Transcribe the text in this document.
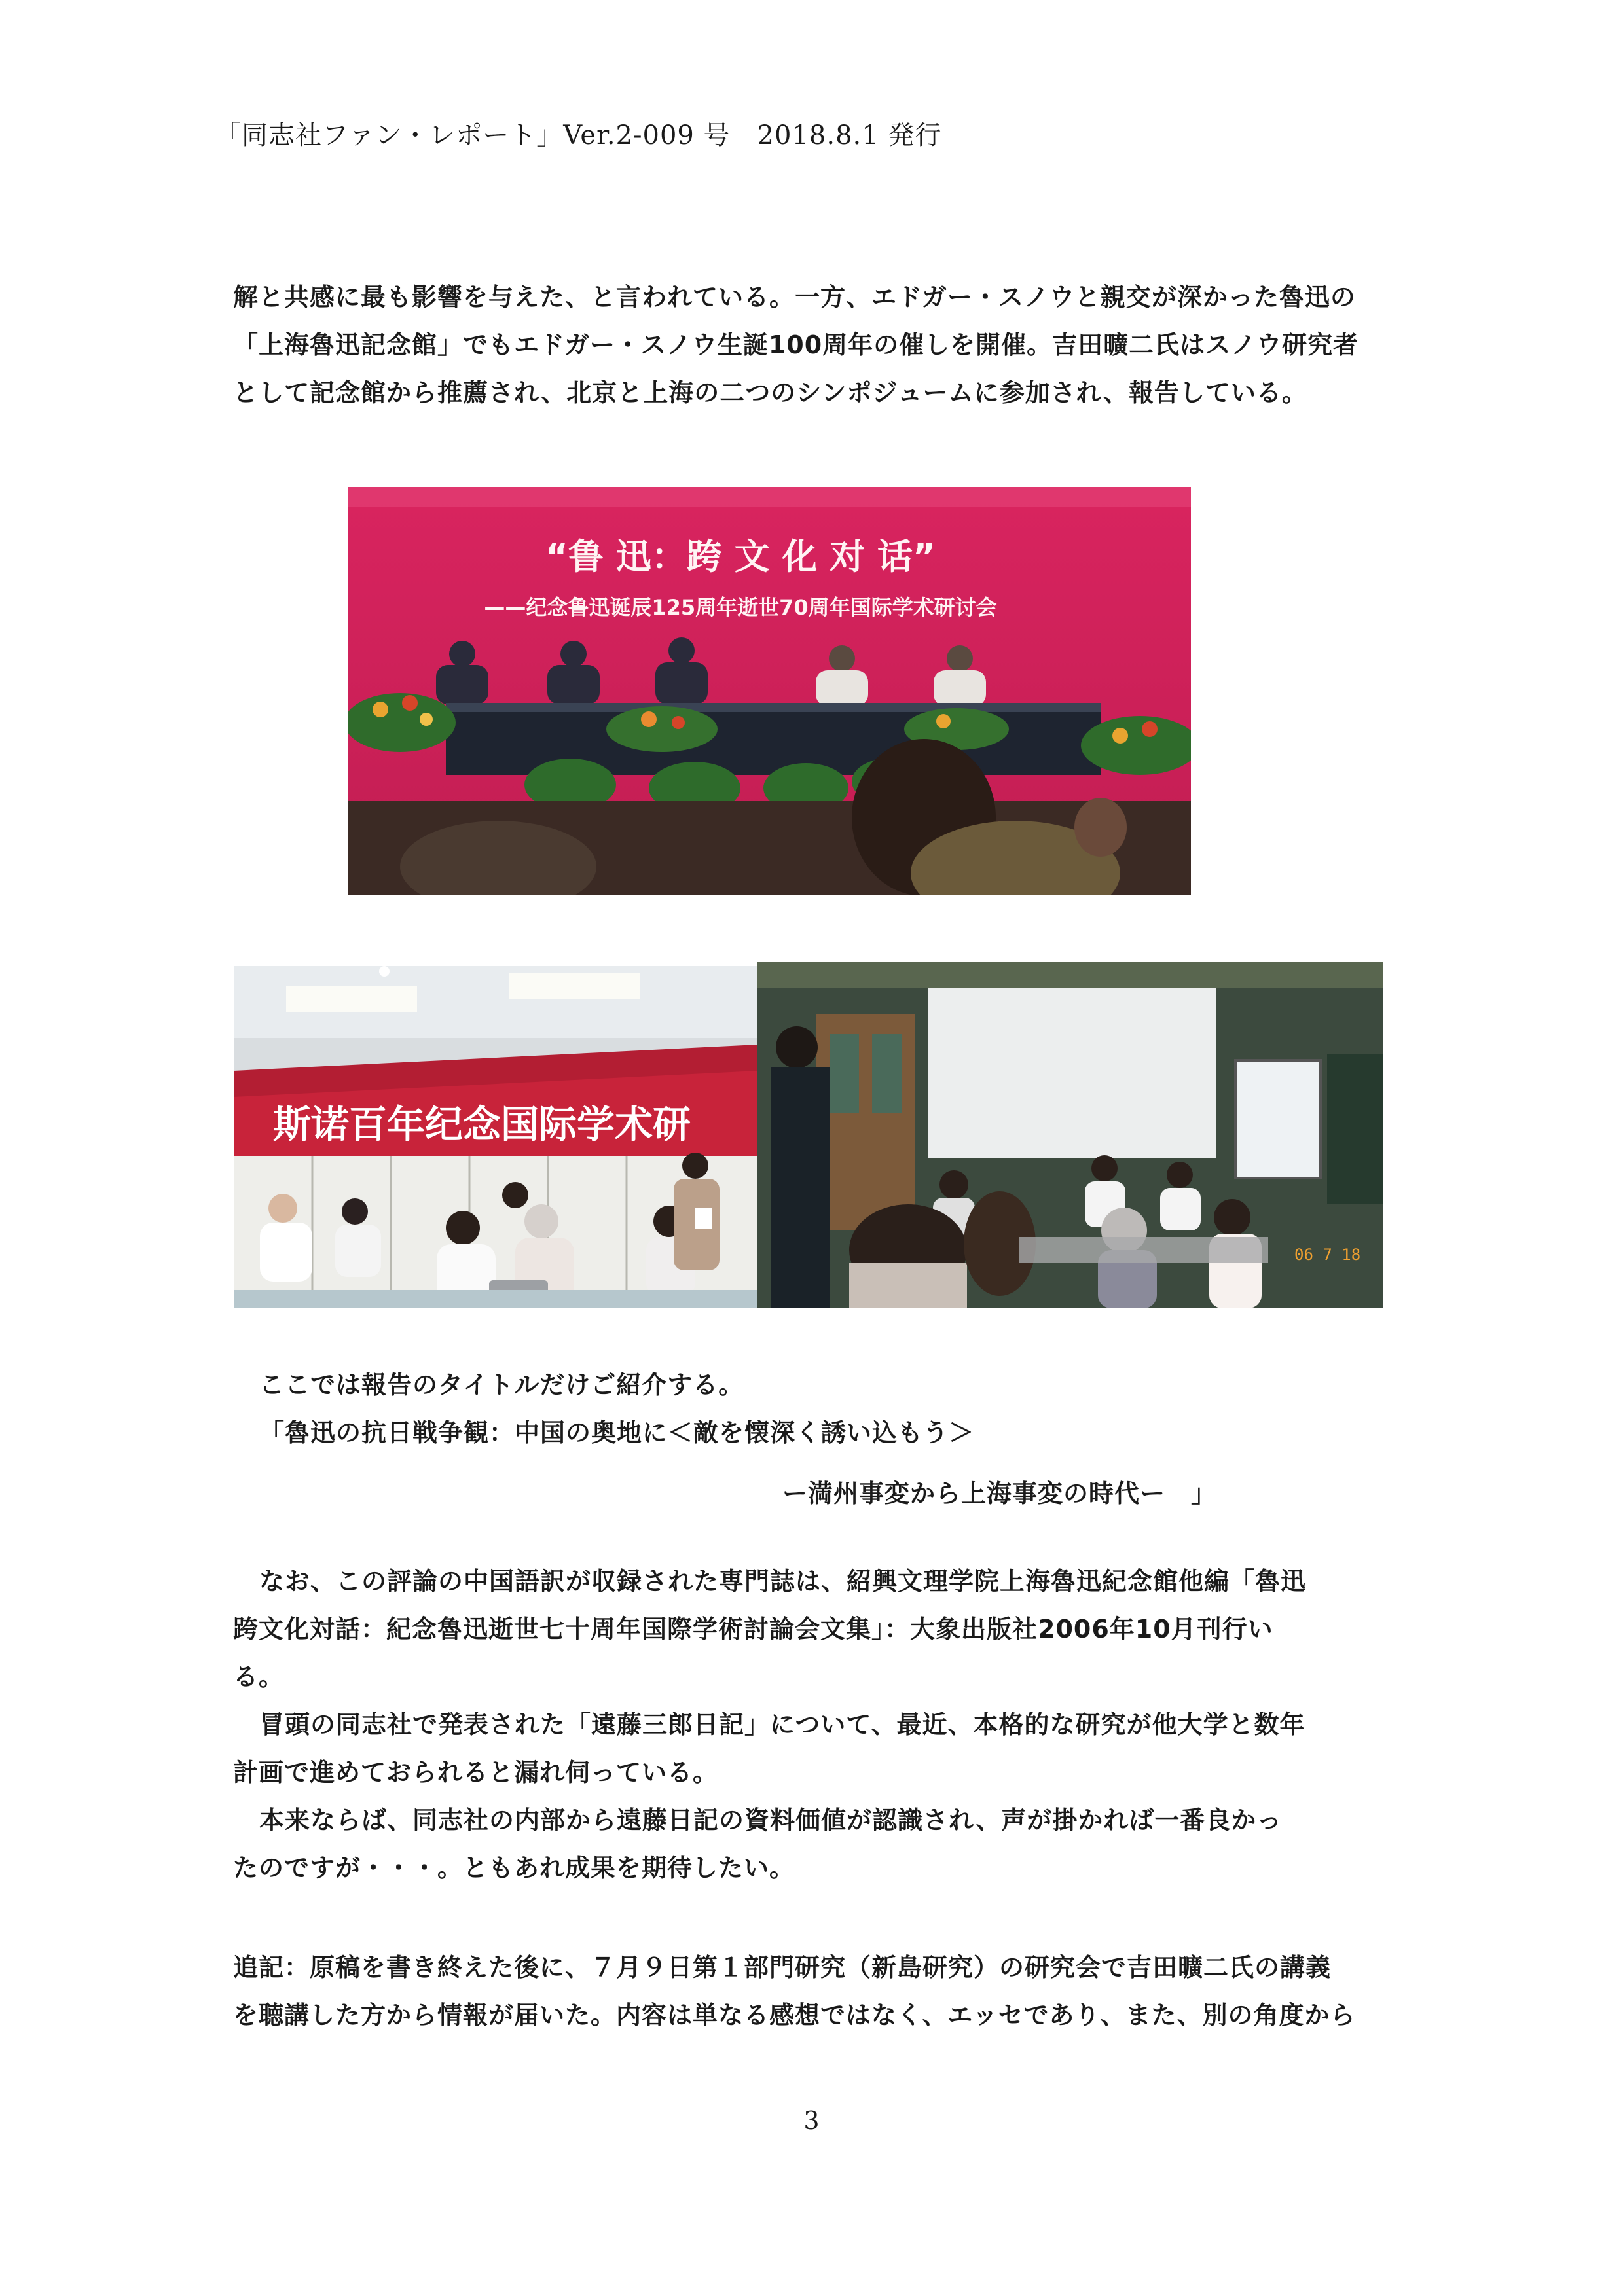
「同志社ファン・レポート」Ver.2-009 号　2018.8.1 発行

解と共感に最も影響を与えた、と言われている。一方、エドガー・スノウと親交が深かった魯迅の

「上海魯迅記念館」でもエドガー・スノウ生誕100周年の催しを開催。吉田曠二氏はスノウ研究者

として記念館から推薦され、北京と上海の二つのシンポジュームに参加され、報告している。

“鲁 迅：跨 文 化 对 话”
——纪念鲁迅诞辰125周年逝世70周年国际学术研讨会
斯诺百年纪念国际学术研
06 7 18

ここでは報告のタイトルだけご紹介する。

「魯迅の抗日戦争観：中国の奥地に＜敵を懐深く誘い込もう＞

ー満州事変から上海事変の時代ー　」

なお、この評論の中国語訳が収録された専門誌は、紹興文理学院上海魯迅紀念館他編「魯迅

跨文化対話：紀念魯迅逝世七十周年国際学術討論会文集」：大象出版社2006年10月刊行い

る。

冒頭の同志社で発表された「遠藤三郎日記」について、最近、本格的な研究が他大学と数年

計画で進めておられると漏れ伺っている。

本来ならば、同志社の内部から遠藤日記の資料価値が認識され、声が掛かれば一番良かっ

たのですが・・・。ともあれ成果を期待したい。

追記：原稿を書き終えた後に、７月９日第１部門研究（新島研究）の研究会で吉田曠二氏の講義

を聴講した方から情報が届いた。内容は単なる感想ではなく、エッセであり、また、別の角度から

3
